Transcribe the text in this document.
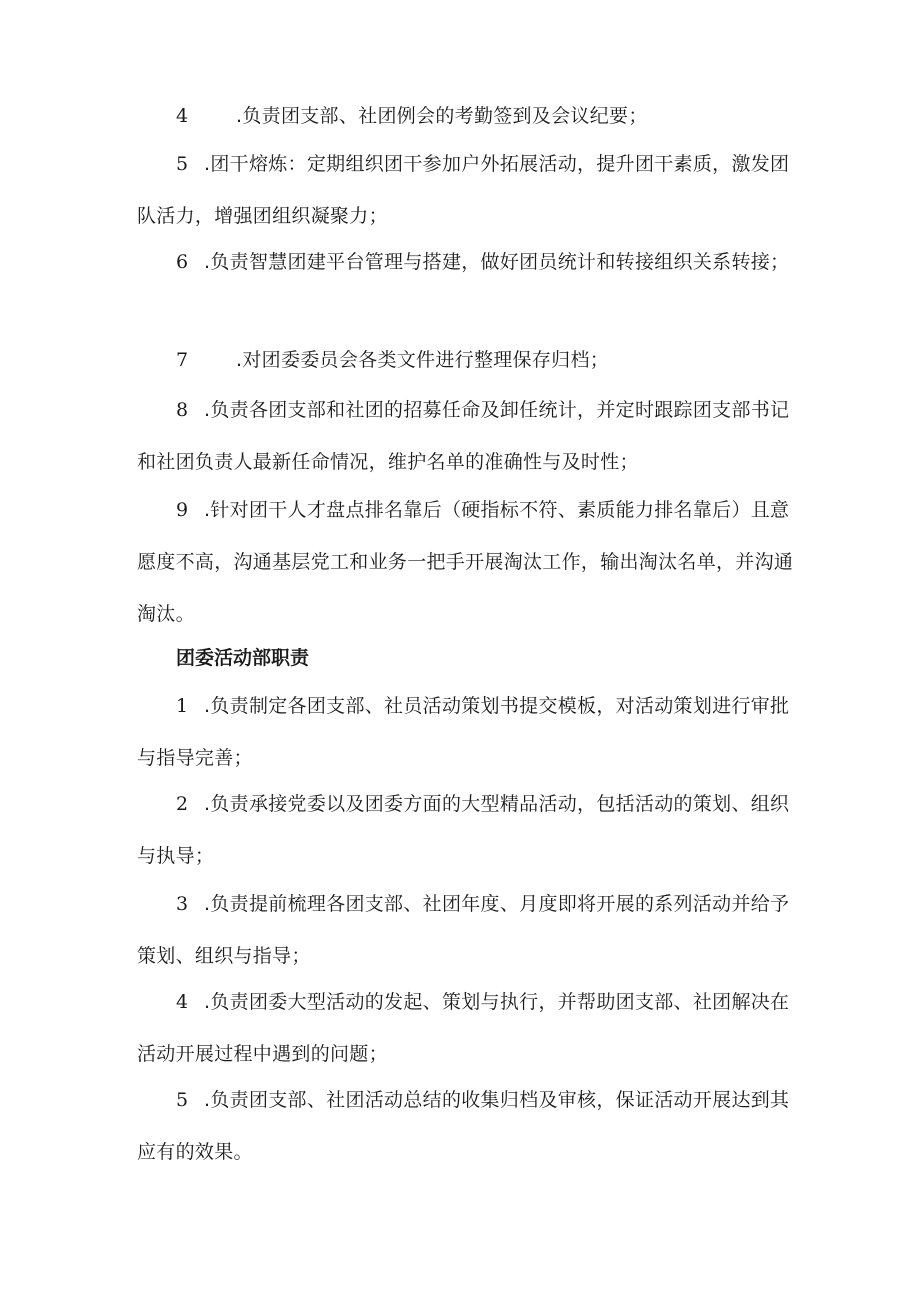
4	.负责团支部、社团例会的考勤签到及会议纪要；

5 .团干熔炼：定期组织团干参加户外拓展活动，提升团干素质，激发团队活力，增强团组织凝聚力；

6 .负责智慧团建平台管理与搭建，做好团员统计和转接组织关系转接；

7	.对团委委员会各类文件进行整理保存归档；

8 .负责各团支部和社团的招募任命及卸任统计，并定时跟踪团支部书记和社团负责人最新任命情况，维护名单的准确性与及时性；

9 .针对团干人才盘点排名靠后（硬指标不符、素质能力排名靠后）且意愿度不高，沟通基层党工和业务一把手开展淘汰工作，输出淘汰名单，并沟通淘汰。

团委活动部职责

1 .负责制定各团支部、社员活动策划书提交模板，对活动策划进行审批与指导完善；

2 .负责承接党委以及团委方面的大型精品活动，包括活动的策划、组织与执导；

3 .负责提前梳理各团支部、社团年度、月度即将开展的系列活动并给予策划、组织与指导；

4 .负责团委大型活动的发起、策划与执行，并帮助团支部、社团解决在活动开展过程中遇到的问题；

5 .负责团支部、社团活动总结的收集归档及审核，保证活动开展达到其应有的效果。
